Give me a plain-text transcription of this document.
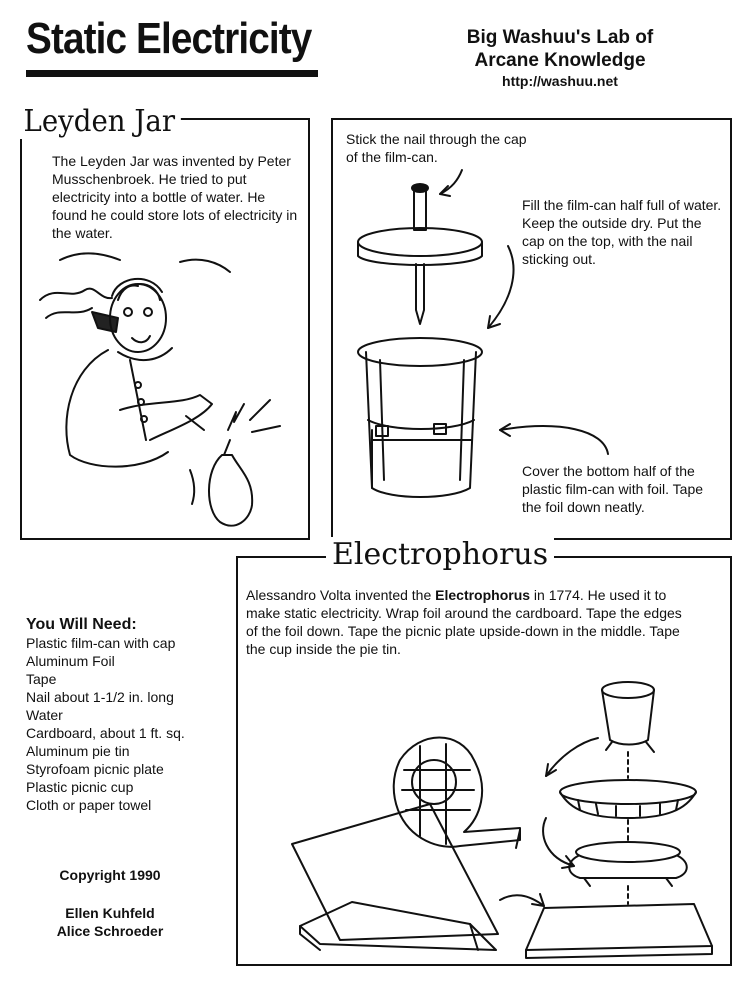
Static Electricity	Big Washuu's Lab of
Arcane Knowledge
http://washuu.net
Leyden Jar
The Leyden Jar was invented by Peter Musschenbroek. He tried to put electricity into a bottle of water. He found he could store lots of electricity in the water.
Stick the nail through the cap of the film-can.
Fill the film-can half full of water. Keep the outside dry. Put the cap on the top, with the nail sticking out.
Cover the bottom half of the plastic film-can with foil. Tape the foil down neatly.
Electrophorus
Alessandro Volta invented the Electrophorus in 1774. He used it to make static electricity. Wrap foil around the cardboard. Tape the edges of the foil down. Tape the picnic plate upside-down in the middle. Tape the cup inside the pie tin.
You Will Need:
Plastic film-can with cap
Aluminum Foil
Tape
Nail about 1-1/2 in. long
Water
Cardboard, about 1 ft. sq.
Aluminum pie tin
Styrofoam picnic plate
Plastic picnic cup
Cloth or paper towel
Copyright 1990
Ellen Kuhfeld
Alice Schroeder
